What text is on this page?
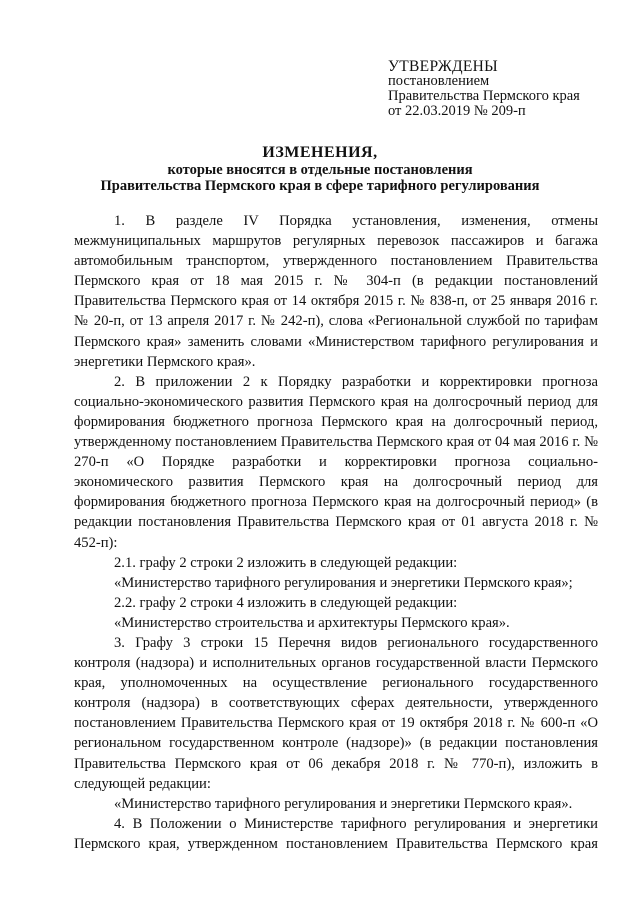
УТВЕРЖДЕНЫ
постановлением
Правительства Пермского края
от 22.03.2019 № 209-п
ИЗМЕНЕНИЯ,
которые вносятся в отдельные постановления
Правительства Пермского края в сфере тарифного регулирования

1. В разделе IV Порядка установления, изменения, отмены межмуниципальных маршрутов регулярных перевозок пассажиров и багажа автомобильным транспортом, утвержденного постановлением Правительства Пермского края от 18 мая 2015 г. № 304-п (в редакции постановлений Правительства Пермского края от 14 октября 2015 г. № 838-п, от 25 января 2016 г. № 20-п, от 13 апреля 2017 г. № 242-п), слова «Региональной службой по тарифам Пермского края» заменить словами «Министерством тарифного регулирования и энергетики Пермского края».

2. В приложении 2 к Порядку разработки и корректировки прогноза социально-экономического развития Пермского края на долгосрочный период для формирования бюджетного прогноза Пермского края на долгосрочный период, утвержденному постановлением Правительства Пермского края от 04 мая 2016 г. № 270-п «О Порядке разработки и корректировки прогноза социально-экономического развития Пермского края на долгосрочный период для формирования бюджетного прогноза Пермского края на долгосрочный период» (в редакции постановления Правительства Пермского края от 01 августа 2018 г. № 452-п):

2.1. графу 2 строки 2 изложить в следующей редакции:

«Министерство тарифного регулирования и энергетики Пермского края»;

2.2. графу 2 строки 4 изложить в следующей редакции:

«Министерство строительства и архитектуры Пермского края».

3. Графу 3 строки 15 Перечня видов регионального государственного контроля (надзора) и исполнительных органов государственной власти Пермского края, уполномоченных на осуществление регионального государственного контроля (надзора) в соответствующих сферах деятельности, утвержденного постановлением Правительства Пермского края от 19 октября 2018 г. № 600-п «О региональном государственном контроле (надзоре)» (в редакции постановления Правительства Пермского края от 06 декабря 2018 г. № 770-п), изложить в следующей редакции:

«Министерство тарифного регулирования и энергетики Пермского края».

4. В Положении о Министерстве тарифного регулирования и энергетики Пермского края, утвержденном постановлением Правительства Пермского края
